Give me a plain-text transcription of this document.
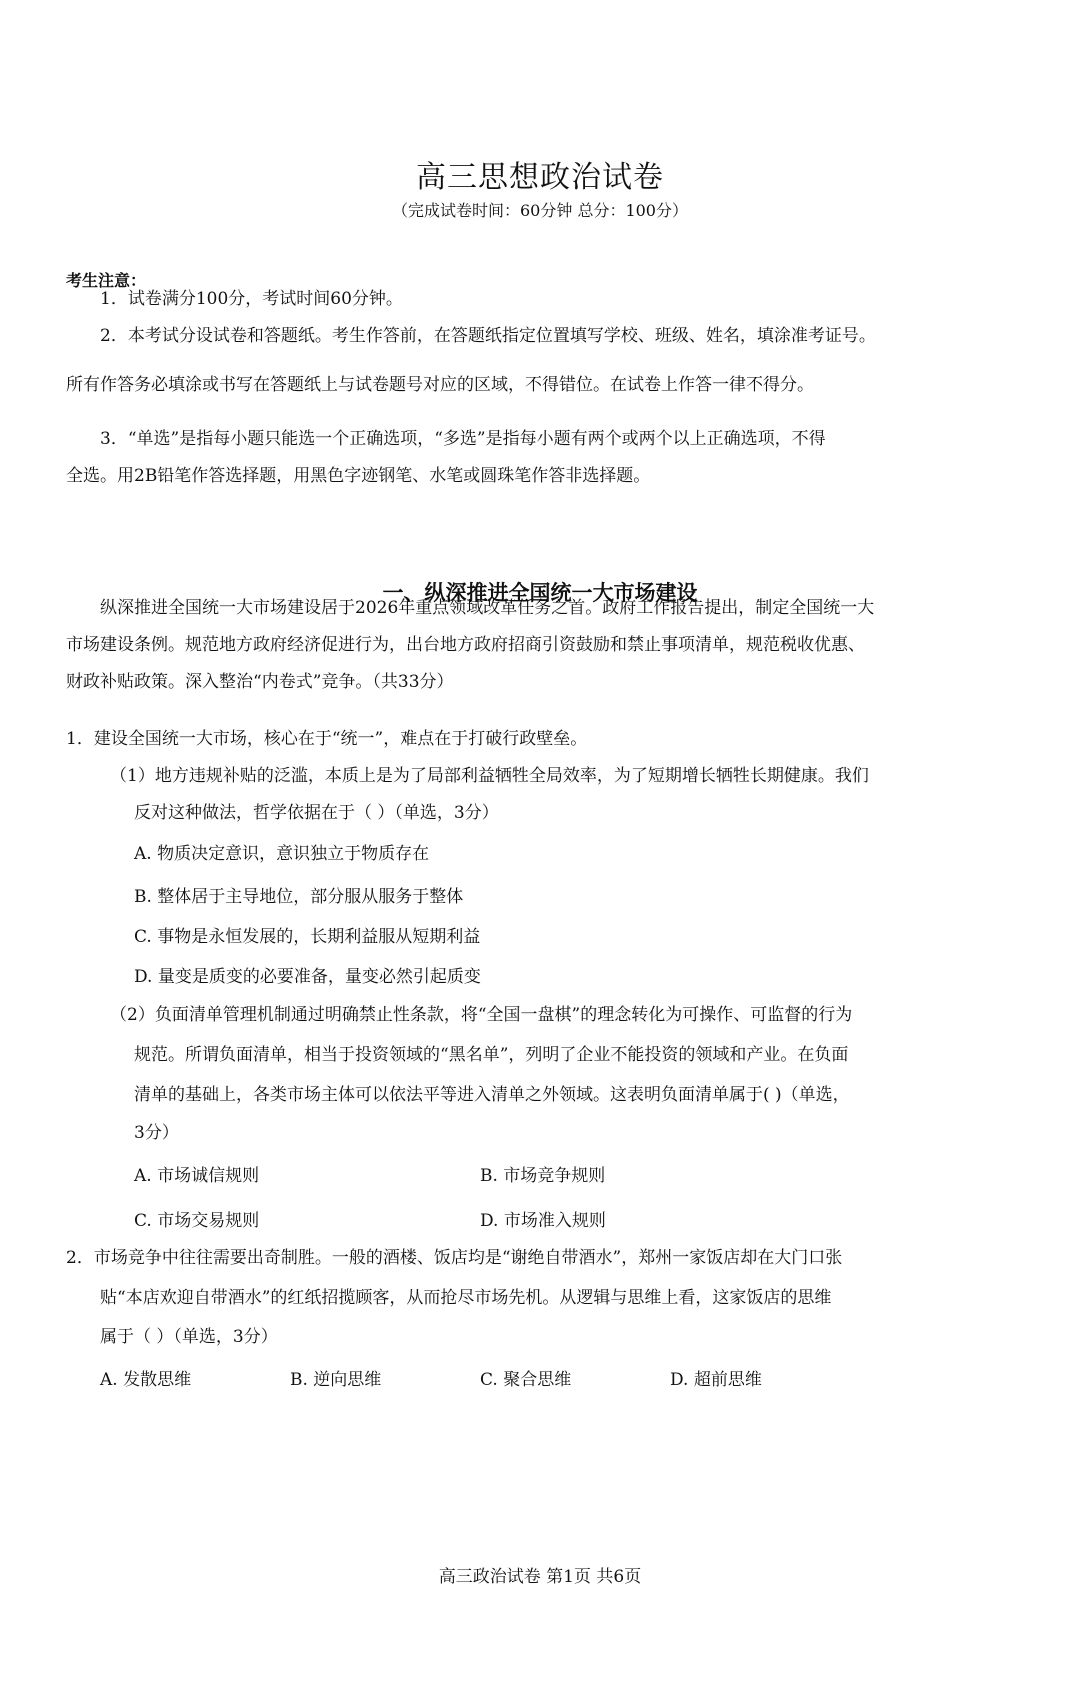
高三思想政治试卷
（完成试卷时间：60分钟 总分：100分）
考生注意：
1．试卷满分100分，考试时间60分钟。
2．本考试分设试卷和答题纸。考生作答前，在答题纸指定位置填写学校、班级、姓名，填涂准考证号。
所有作答务必填涂或书写在答题纸上与试卷题号对应的区域，不得错位。在试卷上作答一律不得分。
3．“单选”是指每小题只能选一个正确选项，“多选”是指每小题有两个或两个以上正确选项，不得
全选。用2B铅笔作答选择题，用黑色字迹钢笔、水笔或圆珠笔作答非选择题。
一、纵深推进全国统一大市场建设
纵深推进全国统一大市场建设居于2026年重点领域改革任务之首。政府工作报告提出，制定全国统一大
市场建设条例。规范地方政府经济促进行为，出台地方政府招商引资鼓励和禁止事项清单，规范税收优惠、
财政补贴政策。深入整治“内卷式”竞争。（共33分）
1．建设全国统一大市场，核心在于“统一”，难点在于打破行政壁垒。
（1）地方违规补贴的泛滥，本质上是为了局部利益牺牲全局效率，为了短期增长牺牲长期健康。我们
反对这种做法，哲学依据在于（ ）（单选，3分）
A. 物质决定意识，意识独立于物质存在
B. 整体居于主导地位，部分服从服务于整体
C. 事物是永恒发展的，长期利益服从短期利益
D. 量变是质变的必要准备，量变必然引起质变
（2）负面清单管理机制通过明确禁止性条款，将“全国一盘棋”的理念转化为可操作、可监督的行为
规范。所谓负面清单，相当于投资领域的“黑名单”，列明了企业不能投资的领域和产业。在负面
清单的基础上，各类市场主体可以依法平等进入清单之外领域。这表明负面清单属于( )（单选，
3分）
A. 市场诚信规则	B. 市场竞争规则
C. 市场交易规则	D. 市场准入规则
2．市场竞争中往往需要出奇制胜。一般的酒楼、饭店均是“谢绝自带酒水”，郑州一家饭店却在大门口张
贴“本店欢迎自带酒水”的红纸招揽顾客，从而抢尽市场先机。从逻辑与思维上看，这家饭店的思维
属于（ ）（单选，3分）
A. 发散思维	B. 逆向思维	C. 聚合思维	D. 超前思维
高三政治试卷 第1页 共6页
